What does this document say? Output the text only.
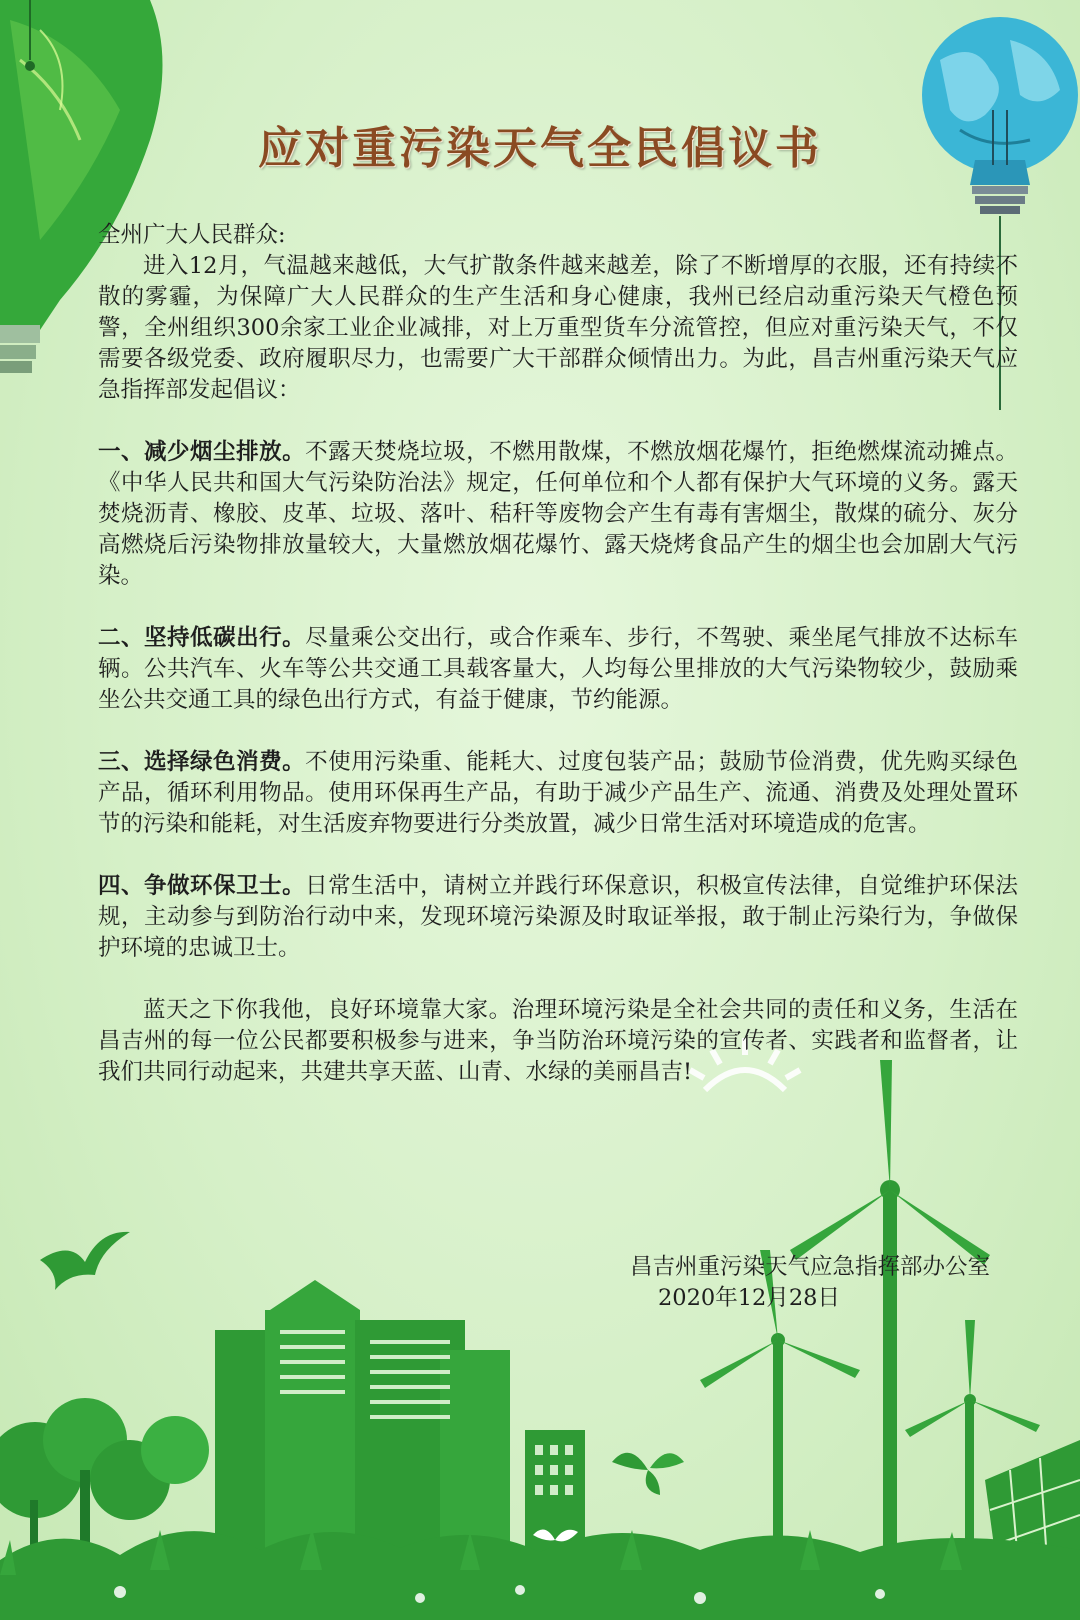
应对重污染天气全民倡议书

全州广大人民群众:

进入12月，气温越来越低，大气扩散条件越来越差，除了不断增厚的衣服，还有持续不散的雾霾，为保障广大人民群众的生产生活和身心健康，我州已经启动重污染天气橙色预警，全州组织300余家工业企业减排，对上万重型货车分流管控，但应对重污染天气，不仅需要各级党委、政府履职尽力，也需要广大干部群众倾情出力。为此，昌吉州重污染天气应急指挥部发起倡议：

一、减少烟尘排放。不露天焚烧垃圾，不燃用散煤，不燃放烟花爆竹，拒绝燃煤流动摊点。《中华人民共和国大气污染防治法》规定，任何单位和个人都有保护大气环境的义务。露天焚烧沥青、橡胶、皮革、垃圾、落叶、秸秆等废物会产生有毒有害烟尘，散煤的硫分、灰分高燃烧后污染物排放量较大，大量燃放烟花爆竹、露天烧烤食品产生的烟尘也会加剧大气污染。

二、坚持低碳出行。尽量乘公交出行，或合作乘车、步行，不驾驶、乘坐尾气排放不达标车辆。公共汽车、火车等公共交通工具载客量大，人均每公里排放的大气污染物较少，鼓励乘坐公共交通工具的绿色出行方式，有益于健康，节约能源。

三、选择绿色消费。不使用污染重、能耗大、过度包装产品；鼓励节俭消费，优先购买绿色产品，循环利用物品。使用环保再生产品，有助于减少产品生产、流通、消费及处理处置环节的污染和能耗，对生活废弃物要进行分类放置，减少日常生活对环境造成的危害。

四、争做环保卫士。日常生活中，请树立并践行环保意识，积极宣传法律，自觉维护环保法规，主动参与到防治行动中来，发现环境污染源及时取证举报，敢于制止污染行为，争做保护环境的忠诚卫士。

蓝天之下你我他，良好环境靠大家。治理环境污染是全社会共同的责任和义务，生活在昌吉州的每一位公民都要积极参与进来，争当防治环境污染的宣传者、实践者和监督者，让我们共同行动起来，共建共享天蓝、山青、水绿的美丽昌吉!

昌吉州重污染天气应急指挥部办公室
2020年12月28日
